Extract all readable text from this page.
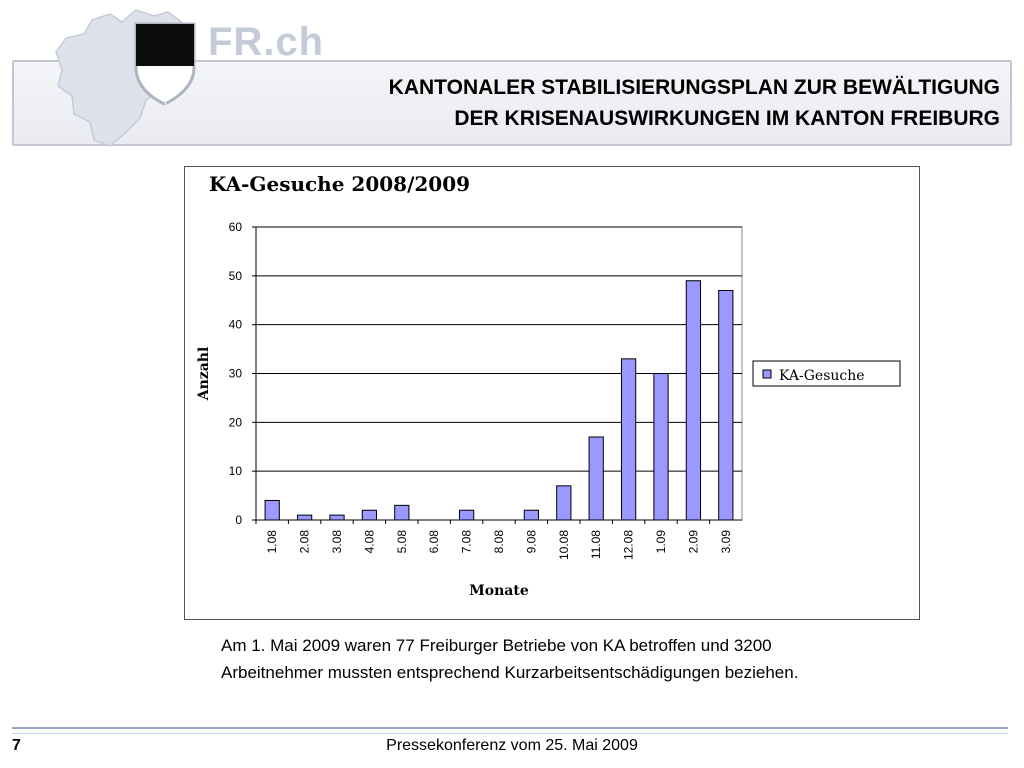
FR.ch
KANTONALER STABILISIERUNGSPLAN ZUR BEWÄLTIGUNG
DER KRISENAUSWIRKUNGEN IM KANTON FREIBURG
KA-Gesuche 2008/2009
0
10
20
30
40
50
60
1.08 2.08 3.08 4.08 5.08 6.08 7.08 8.08 9.08 10.08 11.08 12.08 1.09 2.09 3.09
Monate
Anzahl	KA-Gesuche
Am 1. Mai 2009 waren 77 Freiburger Betriebe von KA betroffen und 3200
Arbeitnehmer mussten entsprechend Kurzarbeitsentschädigungen beziehen.
7	Pressekonferenz vom 25. Mai 2009
